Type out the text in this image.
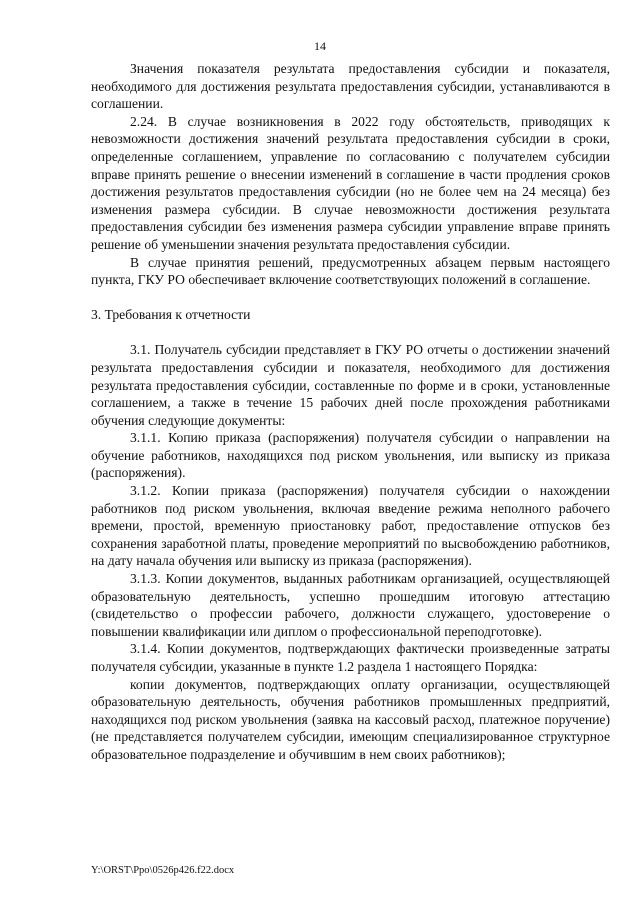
14

Значения показателя результата предоставления субсидии и показателя, необходимого для достижения результата предоставления субсидии, устанавливаются в соглашении.

2.24. В случае возникновения в 2022 году обстоятельств, приводящих к невозможности достижения значений результата предоставления субсидии в сроки, определенные соглашением, управление по согласованию с получателем субсидии вправе принять решение о внесении изменений в соглашение в части продления сроков достижения результатов предоставления субсидии (но не более чем на 24 месяца) без изменения размера субсидии. В случае невозможности достижения результата предоставления субсидии без изменения размера субсидии управление вправе принять решение об уменьшении значения результата предоставления субсидии.

В случае принятия решений, предусмотренных абзацем первым настоящего пункта, ГКУ РО обеспечивает включение соответствующих положений в соглашение.

3. Требования к отчетности

3.1. Получатель субсидии представляет в ГКУ РО отчеты о достижении значений результата предоставления субсидии и показателя, необходимого для достижения результата предоставления субсидии, составленные по форме и в сроки, установленные соглашением, а также в течение 15 рабочих дней после прохождения работниками обучения следующие документы:

3.1.1. Копию приказа (распоряжения) получателя субсидии о направлении на обучение работников, находящихся под риском увольнения, или выписку из приказа (распоряжения).

3.1.2. Копии приказа (распоряжения) получателя субсидии о нахождении работников под риском увольнения, включая введение режима неполного рабочего времени, простой, временную приостановку работ, предоставление отпусков без сохранения заработной платы, проведение мероприятий по высвобождению работников, на дату начала обучения или выписку из приказа (распоряжения).

3.1.3. Копии документов, выданных работникам организацией, осуществляющей образовательную деятельность, успешно прошедшим итоговую аттестацию (свидетельство о профессии рабочего, должности служащего, удостоверение о повышении квалификации или диплом о профессиональной переподготовке).

3.1.4. Копии документов, подтверждающих фактически произведенные затраты получателя субсидии, указанные в пункте 1.2 раздела 1 настоящего Порядка:

копии документов, подтверждающих оплату организации, осуществляющей образовательную деятельность, обучения работников промышленных предприятий, находящихся под риском увольнения (заявка на кассовый расход, платежное поручение) (не представляется получателем субсидии, имеющим специализированное структурное образовательное подразделение и обучившим в нем своих работников);

Y:\ORST\Ppo\0526p426.f22.docx
